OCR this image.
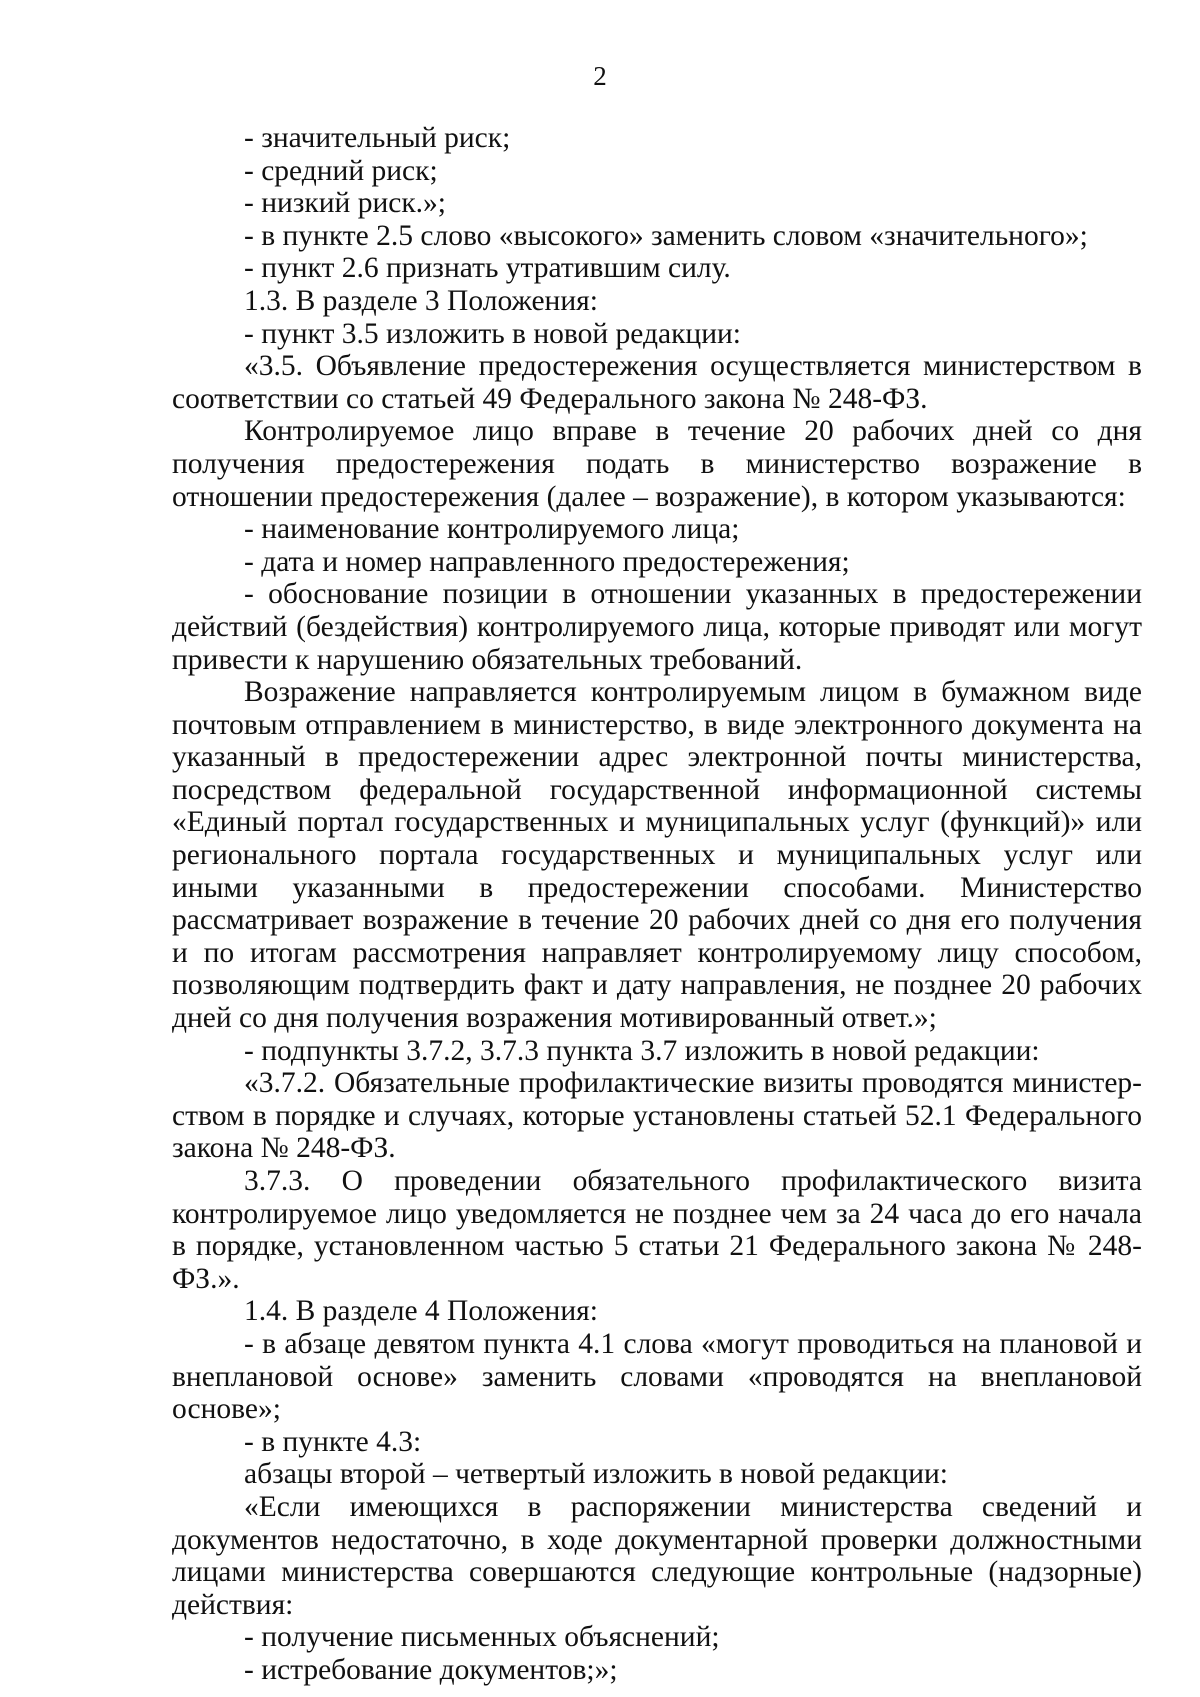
2

- значительный риск;

- средний риск;

- низкий риск.»;

- в пункте 2.5 слово «высокого» заменить словом «значительного»;

- пункт 2.6 признать утратившим силу.

1.3. В разделе 3 Положения:

- пункт 3.5 изложить в новой редакции:

«3.5. Объявление предостережения осуществляется министерством в соответствии со статьей 49 Федерального закона № 248-ФЗ.

Контролируемое лицо вправе в течение 20 рабочих дней со дня получения предостережения подать в министерство возражение в отношении предостережения (далее – возражение), в котором указываются:

- наименование контролируемого лица;

- дата и номер направленного предостережения;

- обоснование позиции в отношении указанных в предостережении действий (бездействия) контролируемого лица, которые приводят или могут привести к нарушению обязательных требований.

Возражение направляется контролируемым лицом в бумажном виде почтовым отправлением в министерство, в виде электронного документа на указанный в предостережении адрес электронной почты министерства, посредством федеральной государственной информационной системы «Единый портал государственных и муниципальных услуг (функций)» или регионального портала государственных и муниципальных услуг или иными указанными в предостережении способами. Министерство рассматривает возражение в течение 20 рабочих дней со дня его получения и по итогам рассмотрения направляет контролируемому лицу способом, позволяющим подтвердить факт и дату направления, не позднее 20 рабочих дней со дня получения возражения мотивированный ответ.»;

- подпункты 3.7.2, 3.7.3 пункта 3.7 изложить в новой редакции:

«3.7.2. Обязательные профилактические визиты проводятся министерством в порядке и случаях, которые установлены статьей 52.1 Федерального закона № 248-ФЗ.

3.7.3. О проведении обязательного профилактического визита контролируемое лицо уведомляется не позднее чем за 24 часа до его начала в порядке, установленном частью 5 статьи 21 Федерального закона № 248-ФЗ.».

1.4. В разделе 4 Положения:

- в абзаце девятом пункта 4.1 слова «могут проводиться на плановой и внеплановой основе» заменить словами «проводятся на внеплановой основе»;

- в пункте 4.3:

абзацы второй – четвертый изложить в новой редакции:

«Если имеющихся в распоряжении министерства сведений и документов недостаточно, в ходе документарной проверки должностными лицами министерства совершаются следующие контрольные (надзорные) действия:

- получение письменных объяснений;

- истребование документов;»;
